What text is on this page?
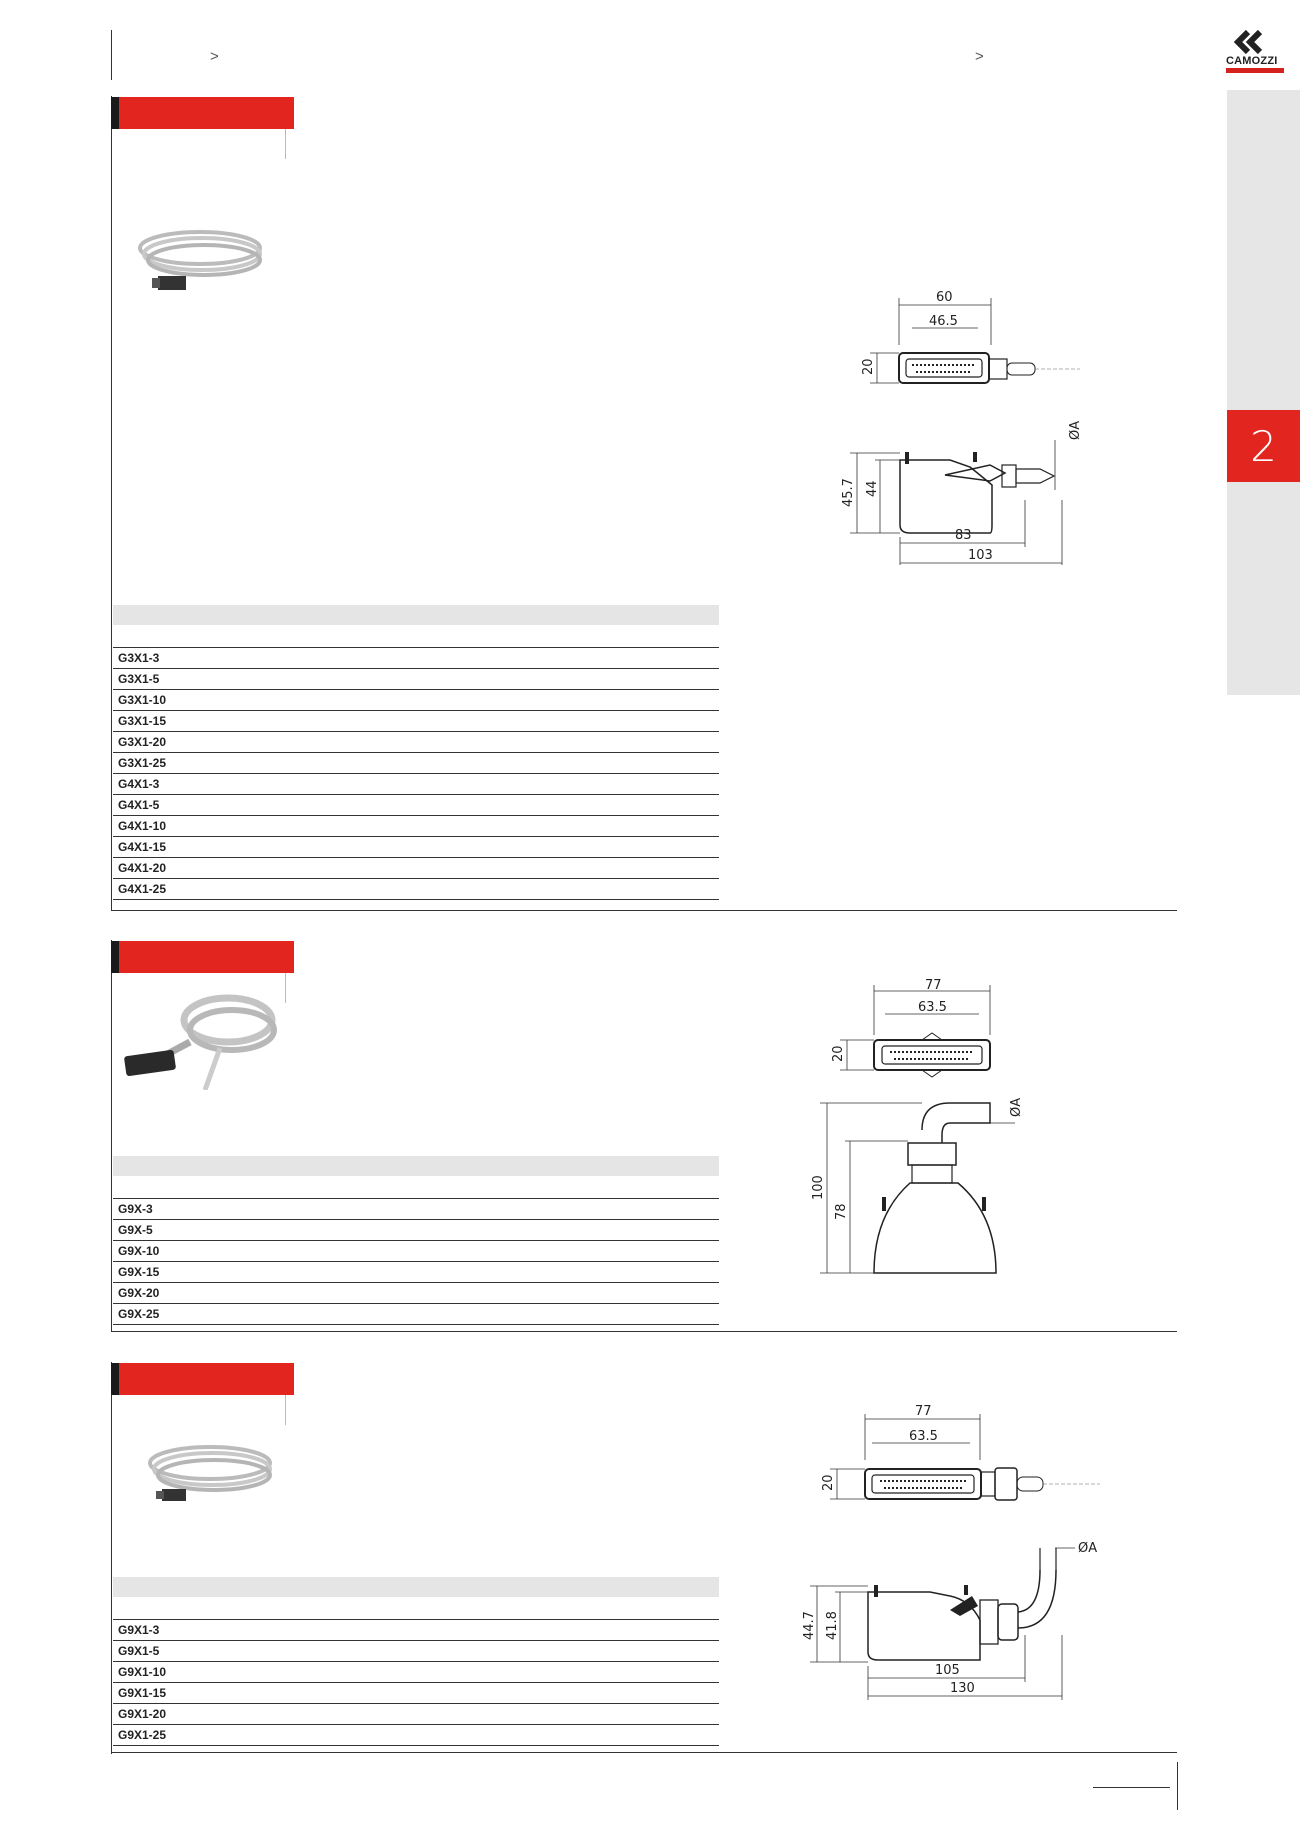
>	>	CAMOZZI
2
60
46.5
20
ØA
45.7 44
83
103
G3X1-3
G3X1-5
G3X1-10
G3X1-15
G3X1-20
G3X1-25
G4X1-3
G4X1-5
G4X1-10
G4X1-15
G4X1-20
G4X1-25
77
63.5
20
ØA
100
78
G9X-3
G9X-5
G9X-10
G9X-15
G9X-20
G9X-25
77
63.5
20
ØA
44.7 41.8
105
130
G9X1-3
G9X1-5
G9X1-10
G9X1-15
G9X1-20
G9X1-25
